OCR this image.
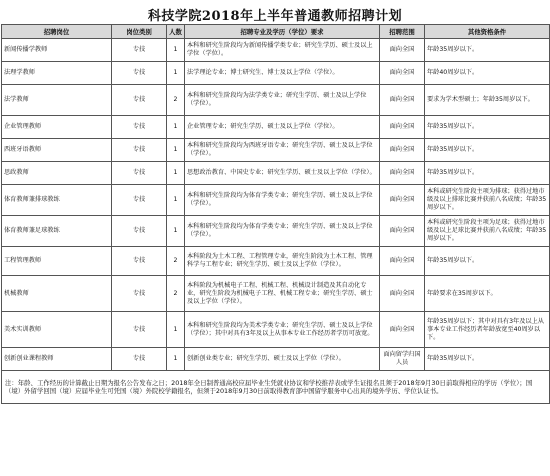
科技学院2018年上半年普通教师招聘计划
招聘岗位	岗位类别	人数	招聘专业及学历（学位）要求	招聘范围	其他资格条件
新闻传播学教师	专技	1	本科和研究生阶段均为新闻传播学类专业；研究生学历、硕士及以上学位（学位）。	面向全国	年龄35周岁以下。
法理学教师	专技	1	法学理论专业；博士研究生、博士及以上学位（学位）。	面向全国	年龄40周岁以下。
法学教师	专技	2	本科和研究生阶段均为法学类专业；研究生学历、硕士及以上学位（学位）。	面向全国	要求为学术型硕士；年龄35周岁以下。
企业管理教师	专技	1	企业管理专业；研究生学历、硕士及以上学位（学位）。	面向全国	年龄35周岁以下。
西班牙语教师	专技	1	本科和研究生阶段均为西班牙语专业；研究生学历、硕士及以上学位（学位）。	面向全国	年龄35周岁以下。
思政教师	专技	1	思想政治教育、中国史专业；研究生学历、硕士及以上学位（学位）。	面向全国	年龄35周岁以下。
体育教师兼排球教练	专技	1	本科和研究生阶段均为体育学类专业；研究生学历、硕士及以上学位（学位）。	面向全国	本科或研究生阶段主项为排球；获得过地市级及以上排球比赛并获前八名成绩；年龄35周岁以下。
体育教师兼足球教练	专技	1	本科和研究生阶段均为体育学类专业；研究生学历、硕士及以上学位（学位）。	面向全国	本科或研究生阶段主项为足球；获得过地市级及以上足球比赛并获前八名成绩；年龄35周岁以下。
工程管理教师	专技	2	本科阶段为土木工程、工程管理专业，研究生阶段为土木工程、管理科学与工程专业；研究生学历、硕士及以上学位（学位）。	面向全国	年龄35周岁以下。
机械教师	专技	2	本科阶段为机械电子工程、机械工程、机械设计制造及其自动化专业，研究生阶段为机械电子工程、机械工程专业；研究生学历、硕士及以上学位（学位）。	面向全国	年龄要求在35周岁以下。
美术实训教师	专技	1	本科和研究生阶段均为美术学类专业；研究生学历、硕士及以上学位（学位）；其中对具有3年及以上从事本专业工作经历者学历可放宽。	面向全国	年龄35周岁以下；其中对具有3年及以上从事本专业工作经历者年龄放宽至40周岁以下。
创新创业课程教师	专技	1	创新创业类专业；研究生学历、硕士及以上学位（学位）。	面向留学归国人员	年龄35周岁以下。
注：年龄、工作经历的计算截止日期为报名公告发布之日；2018年全日制普通高校应届毕业生凭就业协议和学校推荐表或学生证报名且须于2018年9月30日前取得相应的学历（学位）；国（境）外留学回国（境）应届毕业生可凭国（境）外院校学籍报名，但须于2018年9月30日前取得教育部中国留学服务中心出具的境外学历、学位认证书。					
